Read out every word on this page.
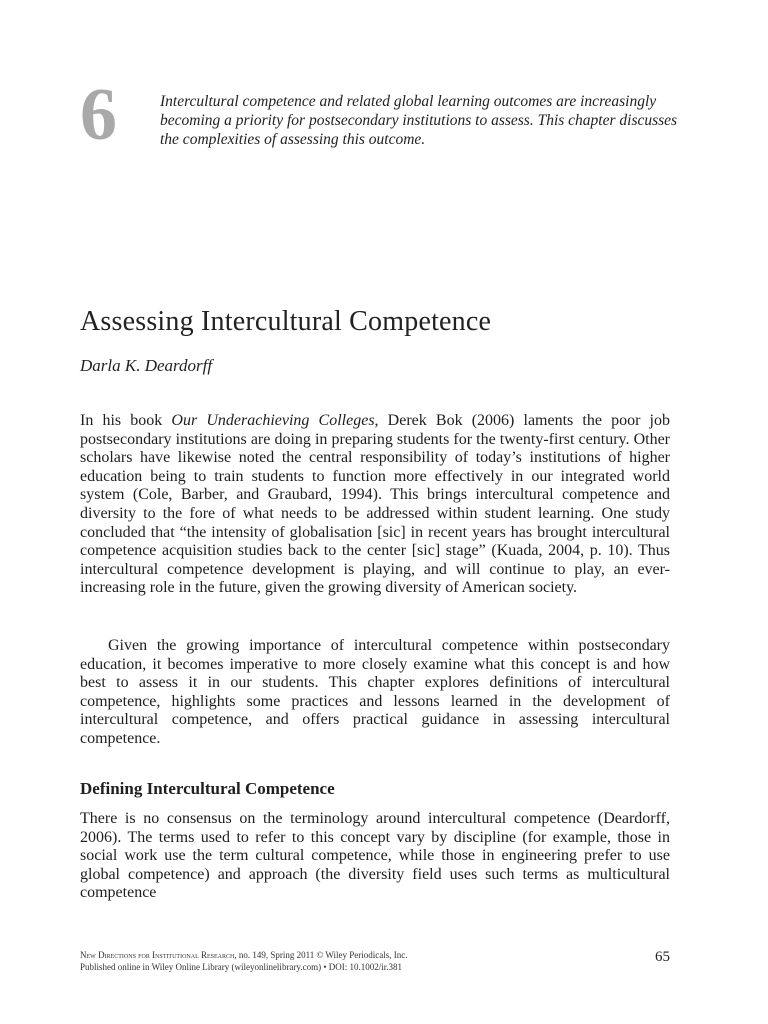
6	Intercultural competence and related global learning outcomes are increasingly becoming a priority for postsecondary institutions to assess. This chapter discusses the complexities of assessing this outcome.
Assessing Intercultural Competence
Darla K. Deardorff

In his book Our Underachieving Colleges, Derek Bok (2006) laments the poor job postsecondary institutions are doing in preparing students for the twenty-first century. Other scholars have likewise noted the central responsibility of today’s institutions of higher education being to train students to function more effectively in our integrated world system (Cole, Barber, and Graubard, 1994). This brings intercultural competence and diversity to the fore of what needs to be addressed within student learning. One study concluded that “the intensity of globalisation [sic] in recent years has brought intercultural competence acquisition studies back to the center [sic] stage” (Kuada, 2004, p. 10). Thus intercultural competence development is playing, and will continue to play, an ever-increasing role in the future, given the growing diversity of American society.

Given the growing importance of intercultural competence within postsecondary education, it becomes imperative to more closely examine what this concept is and how best to assess it in our students. This chapter explores definitions of intercultural competence, highlights some practices and lessons learned in the development of intercultural competence, and offers practical guidance in assessing intercultural competence.

Defining Intercultural Competence

There is no consensus on the terminology around intercultural competence (Deardorff, 2006). The terms used to refer to this concept vary by discipline (for example, those in social work use the term cultural competence, while those in engineering prefer to use global competence) and approach (the diversity field uses such terms as multicultural competence

New Directions for Institutional Research, no. 149, Spring 2011 © Wiley Periodicals, Inc.
Published online in Wiley Online Library (wileyonlinelibrary.com) • DOI: 10.1002/ir.381
65
